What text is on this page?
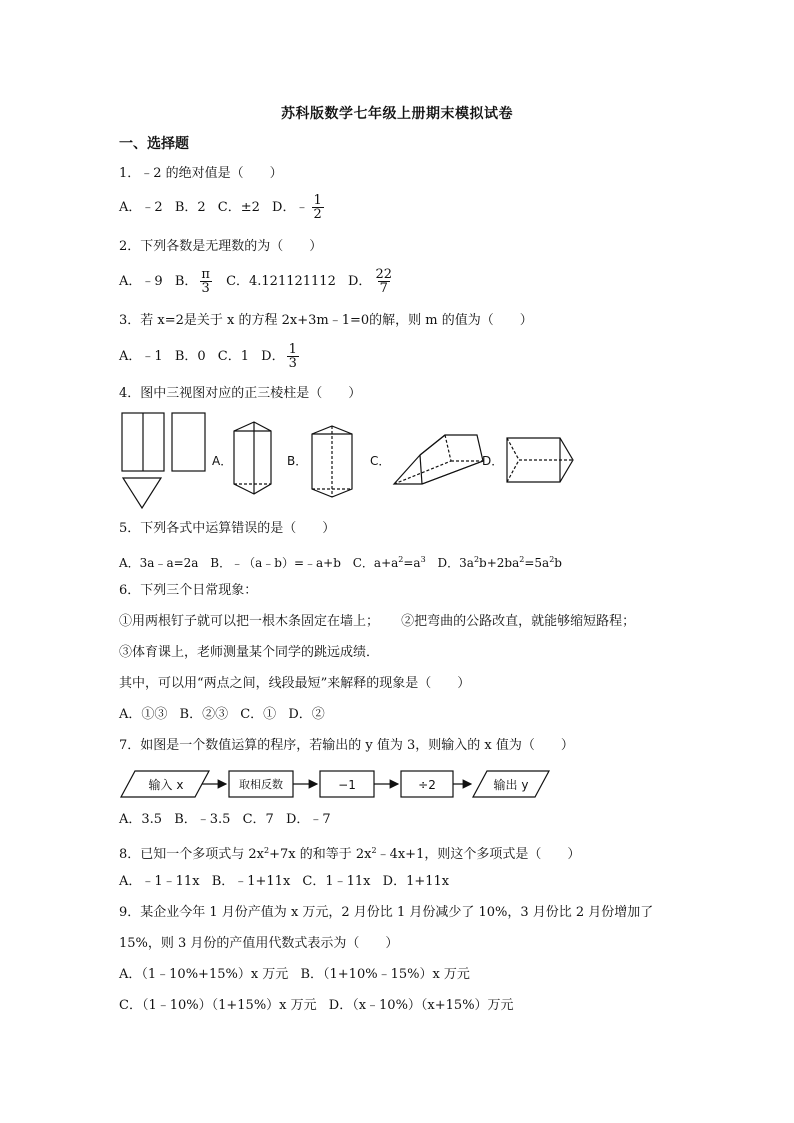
苏科版数学七年级上册期末模拟试卷
一、选择题
1．﹣2 的绝对值是（　　）
A．﹣2 B．2 C．±2 D．﹣ $\frac{1}{2}$
2．下列各数是无理数的为（　　）
A．﹣9 B． $\frac{\pi}{3}$ C．4.121121112 D． $\frac{22}{7}$
3．若 x=2是关于 x 的方程 2x+3m﹣1=0的解，则 m 的值为（　　）
A．﹣1 B．0 C．1 D． $\frac{1}{3}$
4．图中三视图对应的正三棱柱是（　　）
A．	B．	C．	D．
5．下列各式中运算错误的是（　　）
A．3a﹣a=2a B．﹣（a﹣b）=﹣a+b C．$a+a^2=a^3$ D．$3a^2b+2ba^2=5a^2b$
6．下列三个日常现象：
①用两根钉子就可以把一根木条固定在墙上； ②把弯曲的公路改直，就能够缩短路程；
③体育课上，老师测量某个同学的跳远成绩．
其中，可以用“两点之间，线段最短”来解释的现象是（　　）
A．①③ B．②③ C．① D．②
7．如图是一个数值运算的程序，若输出的 y 值为 3，则输入的 x 值为（　　）
输入 x	取相反数	−1	÷2	输出 y
A．3.5 B．﹣3.5 C．7 D．﹣7
8．已知一个多项式与 $2x^2+7x$ 的和等于 $2x^2﹣4x+1$，则这个多项式是（　　）
A．﹣1﹣11x B．﹣1+11x C．1﹣11x D．1+11x
9．某企业今年 1 月份产值为 x 万元，2 月份比 1 月份减少了 10%，3 月份比 2 月份增加了
15%，则 3 月份的产值用代数式表示为（　　）
A．（1﹣10%+15%）x 万元 B．（1+10%﹣15%）x 万元
C．（1﹣10%）（1+15%）x 万元 D．（x﹣10%）（x+15%）万元
